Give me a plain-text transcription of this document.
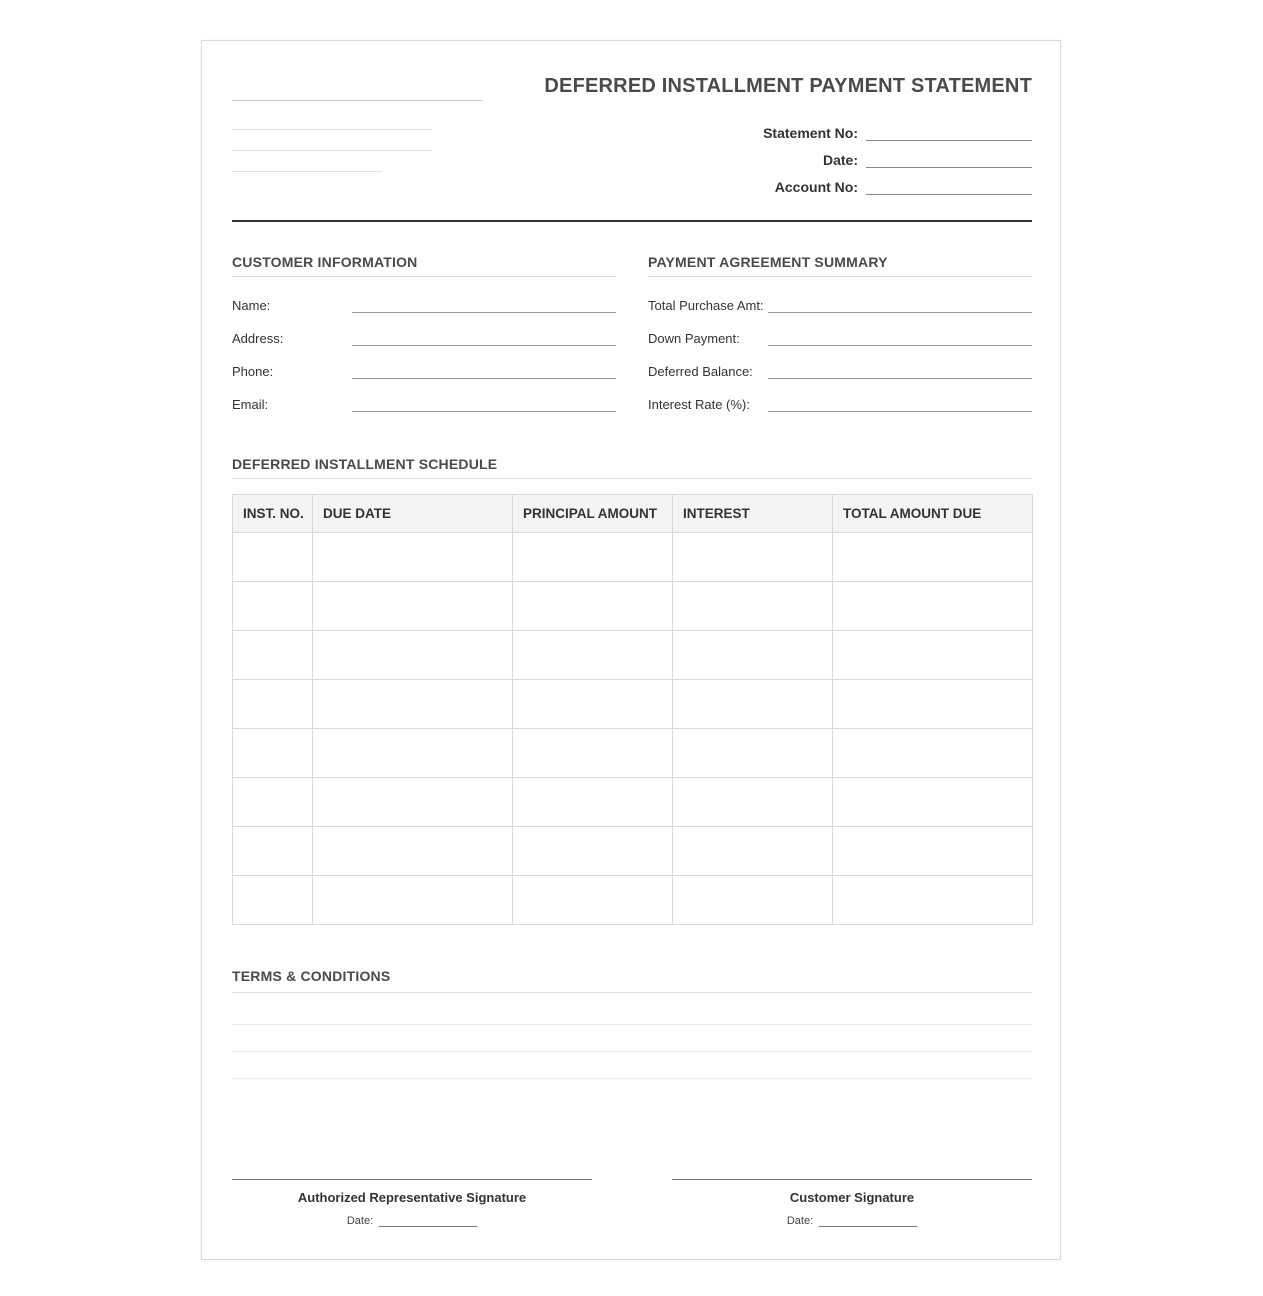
DEFERRED INSTALLMENT PAYMENT STATEMENT
Statement No:
Date:
Account No:
CUSTOMER INFORMATION
Name:
Address:
Phone:
Email:
PAYMENT AGREEMENT SUMMARY
Total Purchase Amt:
Down Payment:
Deferred Balance:
Interest Rate (%):
DEFERRED INSTALLMENT SCHEDULE
INST. NO.	DUE DATE	PRINCIPAL AMOUNT	INTEREST	TOTAL AMOUNT DUE

TERMS & CONDITIONS
Authorized Representative Signature
Date:
Customer Signature
Date:
